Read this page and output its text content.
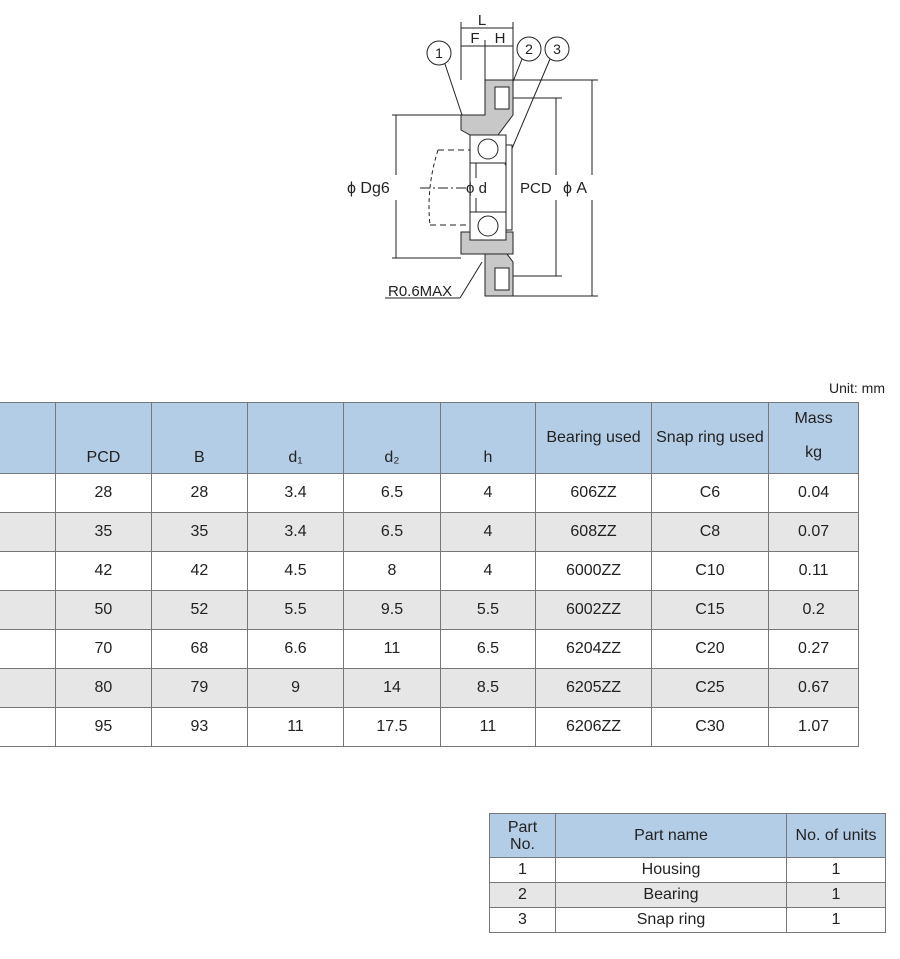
L
F H
1	2 3
ϕ Dg6	ϕ d PCD ϕ A
R0.6MAX
Unit: mm
	PCD	B	d₁	d₂	h	Bearing used	Snap ring used	Mass
kg

	28	28	3.4	6.5	4	606ZZ	C6	0.04
	35	35	3.4	6.5	4	608ZZ	C8	0.07
	42	42	4.5	8	4	6000ZZ	C10	0.11
	50	52	5.5	9.5	5.5	6002ZZ	C15	0.2
	70	68	6.6	11	6.5	6204ZZ	C20	0.27
	80	79	9	14	8.5	6205ZZ	C25	0.67
	95	93	11	17.5	11	6206ZZ	C30	1.07
Part
No.	Part name	No. of units
1	Housing	1
2	Bearing	1
3	Snap ring	1
